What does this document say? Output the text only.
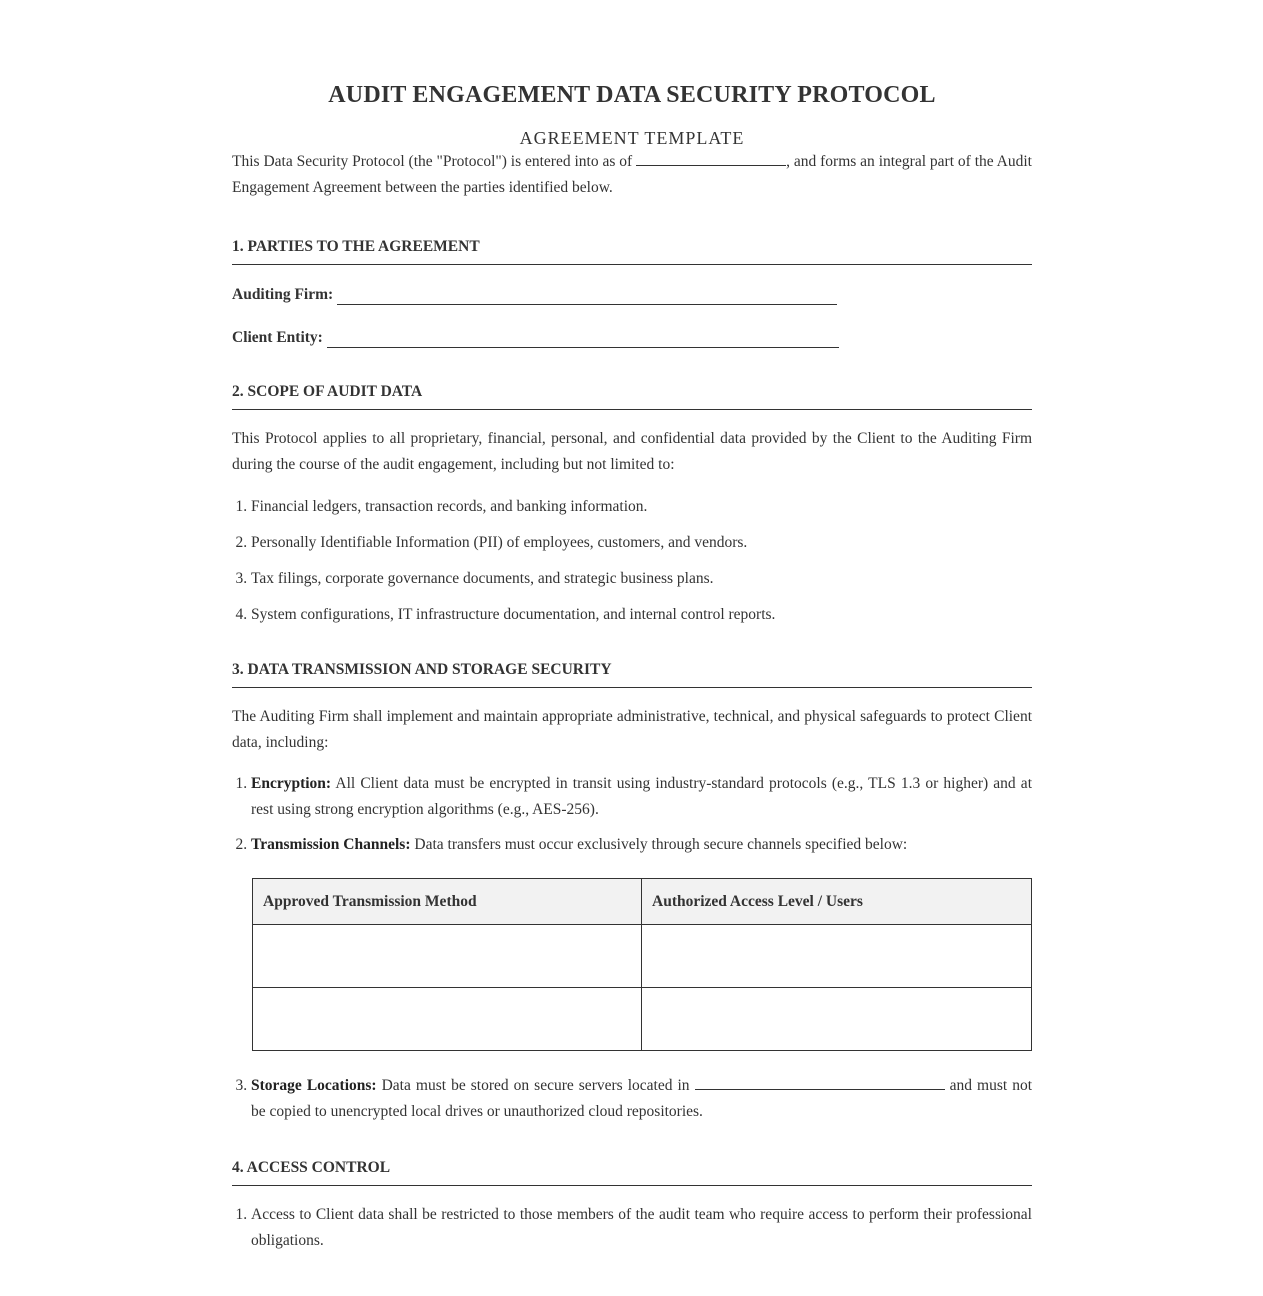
AUDIT ENGAGEMENT DATA SECURITY PROTOCOL
AGREEMENT TEMPLATE

This Data Security Protocol (the "Protocol") is entered into as of	, and forms an integral part of the Audit Engagement Agreement between the parties identified below.

1. PARTIES TO THE AGREEMENT
Auditing Firm:
Client Entity:
2. SCOPE OF AUDIT DATA

This Protocol applies to all proprietary, financial, personal, and confidential data provided by the Client to the Auditing Firm during the course of the audit engagement, including but not limited to:

1. Financial ledgers, transaction records, and banking information.
2. Personally Identifiable Information (PII) of employees, customers, and vendors.
3. Tax filings, corporate governance documents, and strategic business plans.
4. System configurations, IT infrastructure documentation, and internal control reports.
3. DATA TRANSMISSION AND STORAGE SECURITY

The Auditing Firm shall implement and maintain appropriate administrative, technical, and physical safeguards to protect Client data, including:

1. Encryption: All Client data must be encrypted in transit using industry-standard protocols (e.g., TLS 1.3 or higher) and at rest using strong encryption algorithms (e.g., AES-256).
2. Transmission Channels: Data transfers must occur exclusively through secure channels specified below:
Approved Transmission Method	Authorized Access Level / Users

3. Storage Locations: Data must be stored on secure servers located in	and must not be copied to unencrypted local drives or unauthorized cloud repositories.
4. ACCESS CONTROL
1. Access to Client data shall be restricted to those members of the audit team who require access to perform their professional obligations.
